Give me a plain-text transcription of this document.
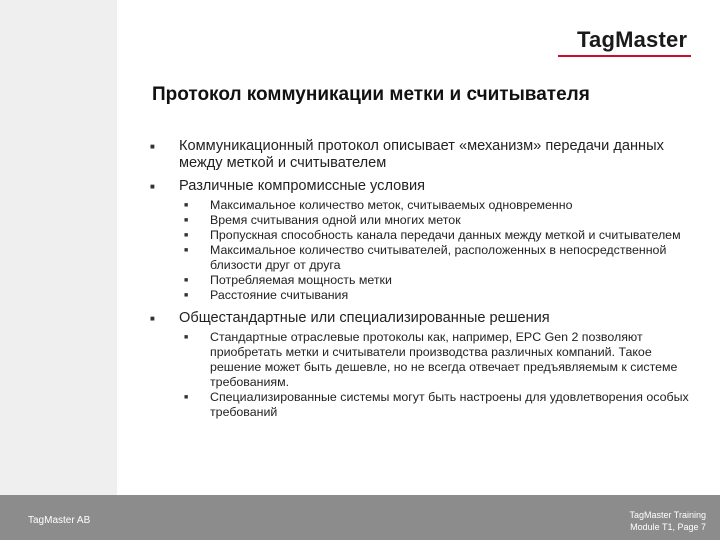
TagMaster
Протокол коммуникации метки и считывателя
■ Коммуникационный протокол описывает «механизм» передачи данных между меткой и считывателем
■ Различные компромиссные условия
■ Максимальное количество меток, считываемых одновременно
■ Время считывания одной или многих меток
■ Пропускная способность канала передачи данных между меткой и считывателем
■ Максимальное количество считывателей, расположенных в непосредственной близости друг от друга
■ Потребляемая мощность метки
■ Расстояние считывания
■ Общестандартные или специализированные решения
■ Стандартные отраслевые протоколы как, например, EPC Gen 2 позволяют приобретать метки и считыватели производства различных компаний. Такое решение может быть дешевле, но не всегда отвечает предъявляемым к системе требованиям.
■ Специализированные системы могут быть настроены для удовлетворения особых требований
TagMaster AB	TagMaster Training
Module T1, Page 7
